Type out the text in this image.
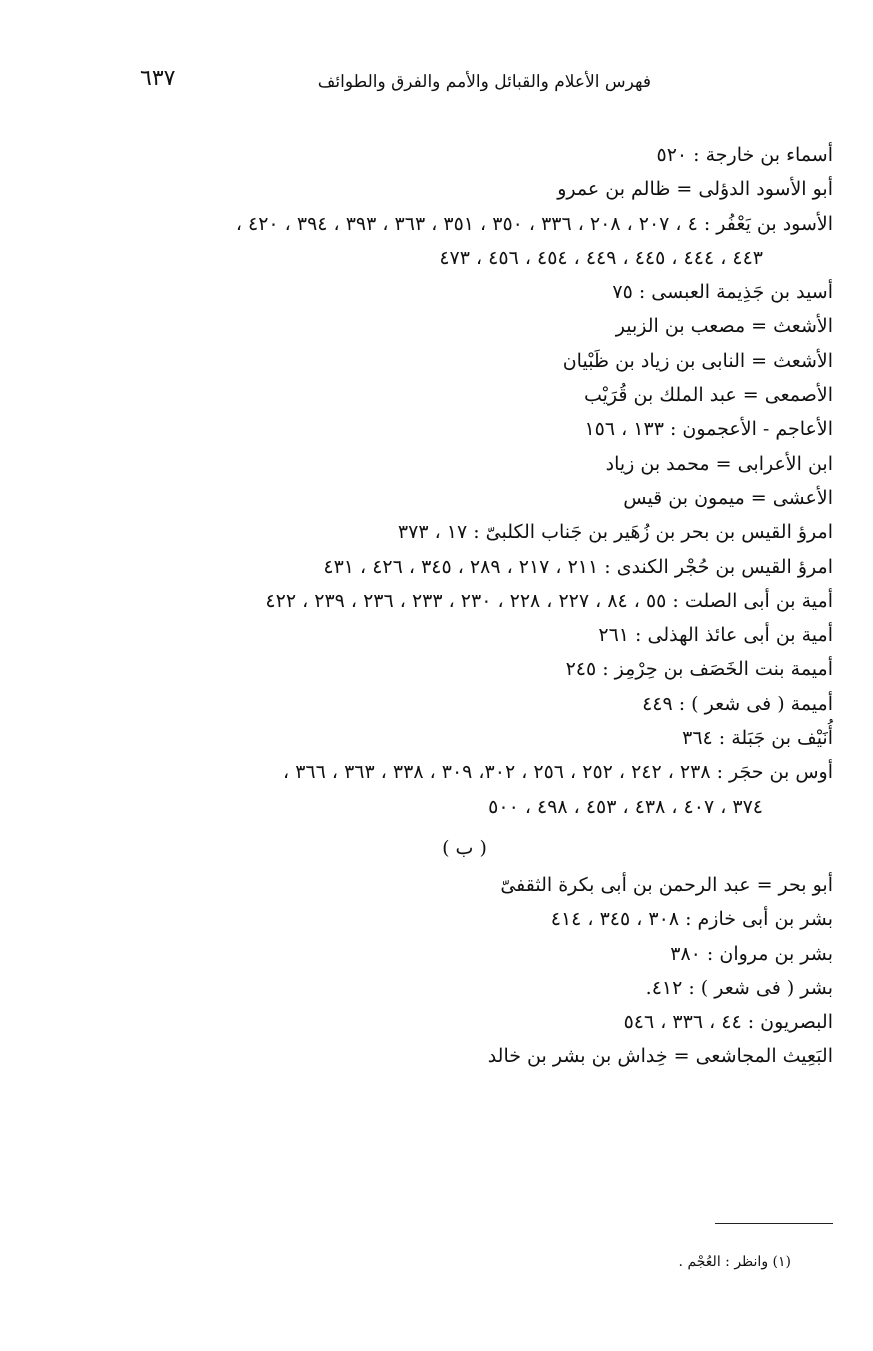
فهرس الأعلام والقبائل والأمم والفرق والطوائف
٦٣٧
أسماء بن خارجة : ٥٢٠
أبو الأسود الدؤلى = ظالم بن عمرو
الأسود بن يَعْفُر : ٤ ، ٢٠٧ ، ٢٠٨ ، ٣٣٦ ، ٣٥٠ ، ٣٥١ ، ٣٦٣ ، ٣٩٣ ، ٣٩٤ ، ٤٢٠ ،
٤٤٣ ، ٤٤٤ ، ٤٤٥ ، ٤٤٩ ، ٤٥٤ ، ٤٥٦ ، ٤٧٣
أسيد بن جَذِيمة العبسى : ٧٥
الأشعث = مصعب بن الزبير
الأشعث = النابى بن زياد بن ظَبْيان
الأصمعى = عبد الملك بن قُرَيْب
الأعاجم - الأعجمون : ١٣٣ ، ١٥٦
ابن الأعرابى = محمد بن زياد
الأعشى = ميمون بن قيس
امرؤ القيس بن بحر بن زُهَير بن جَناب الكلبىّ : ١٧ ، ٣٧٣
امرؤ القيس بن حُجْر الكندى : ٢١١ ، ٢١٧ ، ٢٨٩ ، ٣٤٥ ، ٤٢٦ ، ٤٣١
أمية بن أبى الصلت : ٥٥ ، ٨٤ ، ٢٢٧ ، ٢٢٨ ، ٢٣٠ ، ٢٣٣ ، ٢٣٦ ، ٢٣٩ ، ٤٢٢
أمية بن أبى عائذ الهذلى : ٢٦١
أميمة بنت الخَصَف بن حِرْمِز : ٢٤٥
أميمة ( فى شعر ) : ٤٤٩
أُنَيْف بن جَبَلة : ٣٦٤
أوس بن حجَر : ٢٣٨ ، ٢٤٢ ، ٢٥٢ ، ٢٥٦ ، ٣٠٢، ٣٠٩ ، ٣٣٨ ، ٣٦٣ ، ٣٦٦ ،
٣٧٤ ، ٤٠٧ ، ٤٣٨ ، ٤٥٣ ، ٤٩٨ ، ٥٠٠
( ب )
أبو بحر = عبد الرحمن بن أبى بكرة الثقفىّ
بشر بن أبى خازم : ٣٠٨ ، ٣٤٥ ، ٤١٤
بشر بن مروان : ٣٨٠
بشر ( فى شعر ) : ٤١٢.
البصريون : ٤٤ ، ٣٣٦ ، ٥٤٦
البَعِيث المجاشعى = خِداش بن بشر بن خالد
(١) وانظر : العُجْم .
